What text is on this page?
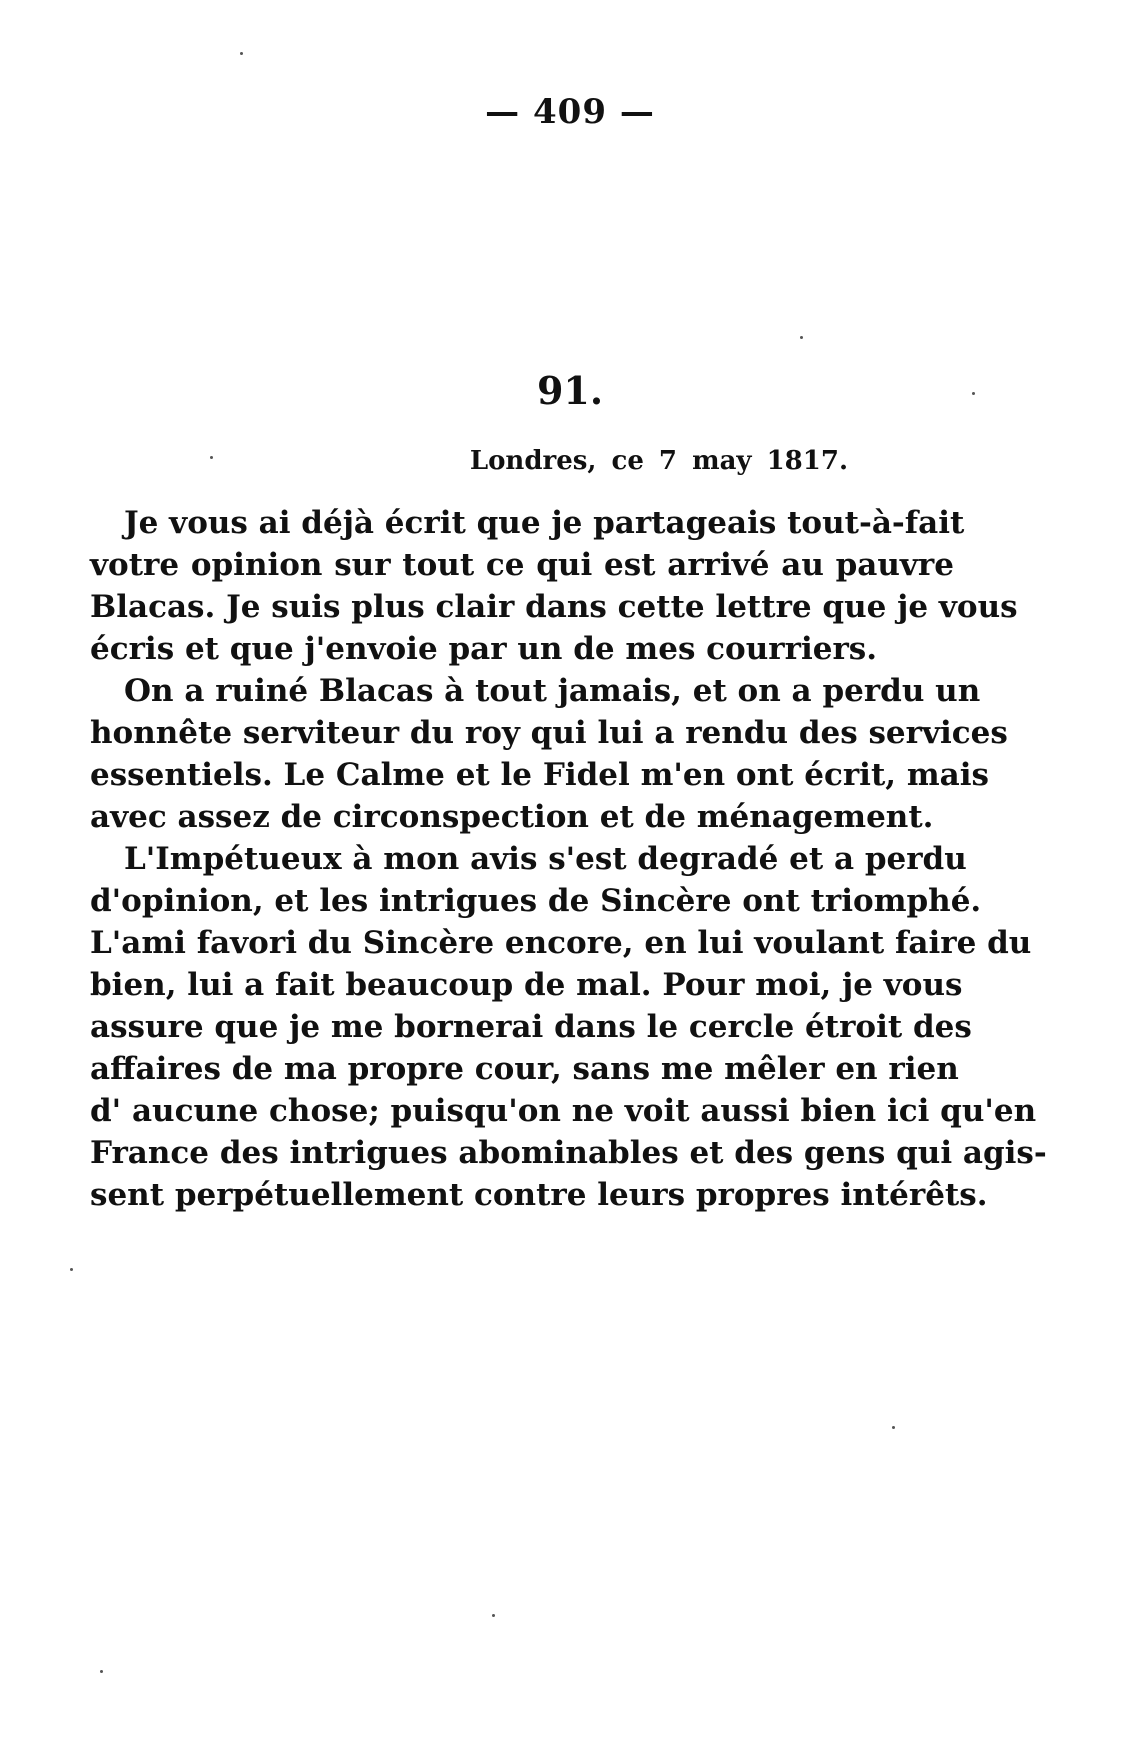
— 409 —
91.
Londres, ce 7 may 1817.
Je vous ai déjà écrit que je partageais tout-à-fait
votre opinion sur tout ce qui est arrivé au pauvre
Blacas. Je suis plus clair dans cette lettre que je vous
écris et que j'envoie par un de mes courriers.
On a ruiné Blacas à tout jamais, et on a perdu un
honnête serviteur du roy qui lui a rendu des services
essentiels. Le Calme et le Fidel m'en ont écrit, mais
avec assez de circonspection et de ménagement.
L'Impétueux à mon avis s'est degradé et a perdu
d'opinion, et les intrigues de Sincère ont triomphé.
L'ami favori du Sincère encore, en lui voulant faire du
bien, lui a fait beaucoup de mal. Pour moi, je vous
assure que je me bornerai dans le cercle étroit des
affaires de ma propre cour, sans me mêler en rien
d' aucune chose; puisqu'on ne voit aussi bien ici qu'en
France des intrigues abominables et des gens qui agis-
sent perpétuellement contre leurs propres intérêts.
